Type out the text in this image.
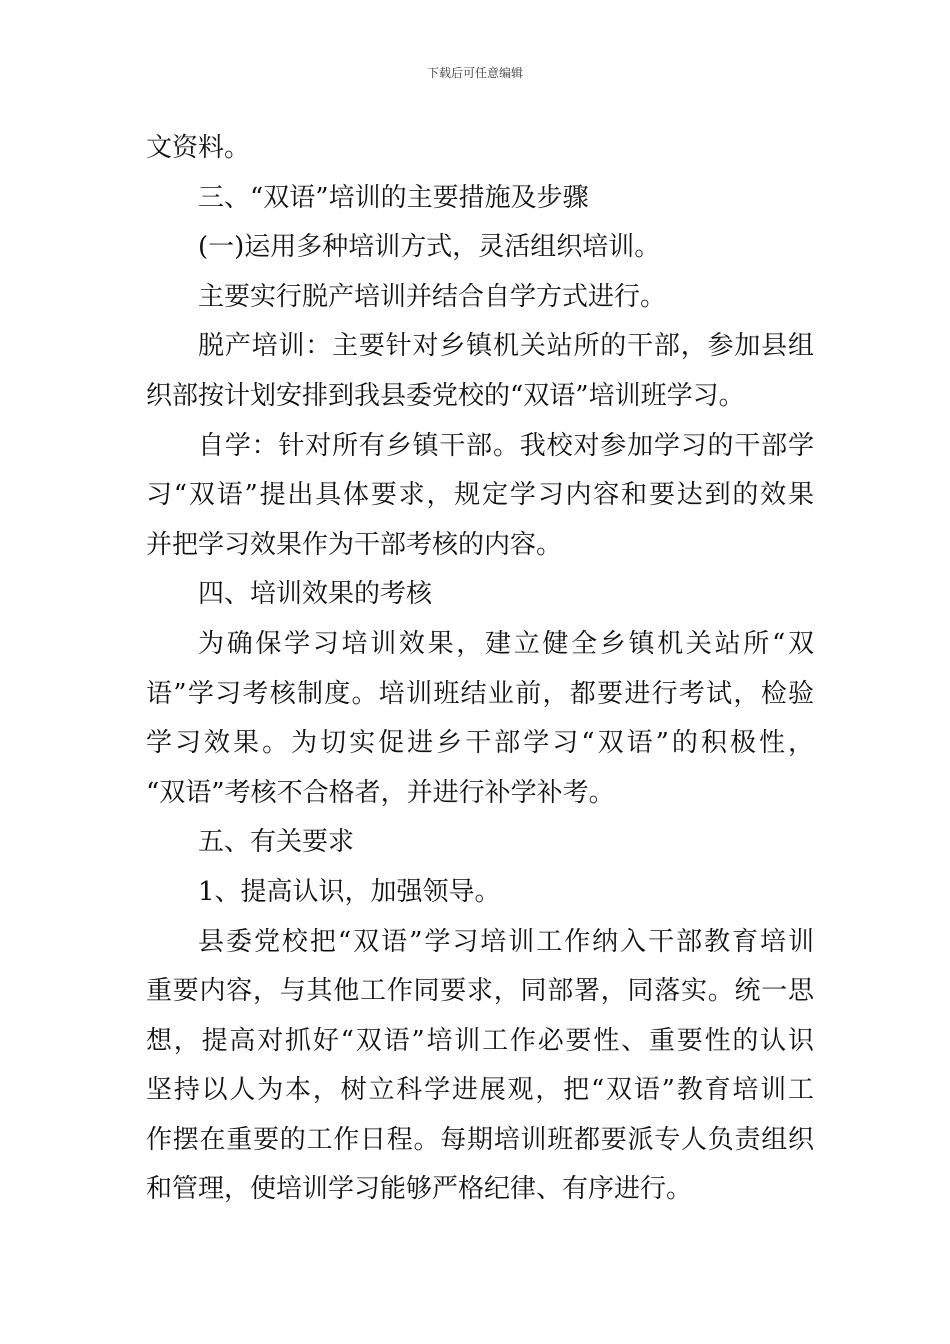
下载后可任意编辑
文资料。
三、“双语”培训的主要措施及步骤
(一)运用多种培训方式，灵活组织培训。
主要实行脱产培训并结合自学方式进行。
脱产培训：主要针对乡镇机关站所的干部，参加县组
织部按计划安排到我县委党校的“双语”培训班学习。
自学：针对所有乡镇干部。我校对参加学习的干部学
习“双语”提出具体要求，规定学习内容和要达到的效果
并把学习效果作为干部考核的内容。
四、培训效果的考核
为确保学习培训效果，建立健全乡镇机关站所“双
语”学习考核制度。培训班结业前，都要进行考试，检验
学习效果。为切实促进乡干部学习“双语”的积极性，
“双语”考核不合格者，并进行补学补考。
五、有关要求
1、提高认识，加强领导。
县委党校把“双语”学习培训工作纳入干部教育培训
重要内容，与其他工作同要求，同部署，同落实。统一思
想，提高对抓好“双语”培训工作必要性、重要性的认识
坚持以人为本，树立科学进展观，把“双语”教育培训工
作摆在重要的工作日程。每期培训班都要派专人负责组织
和管理，使培训学习能够严格纪律、有序进行。
